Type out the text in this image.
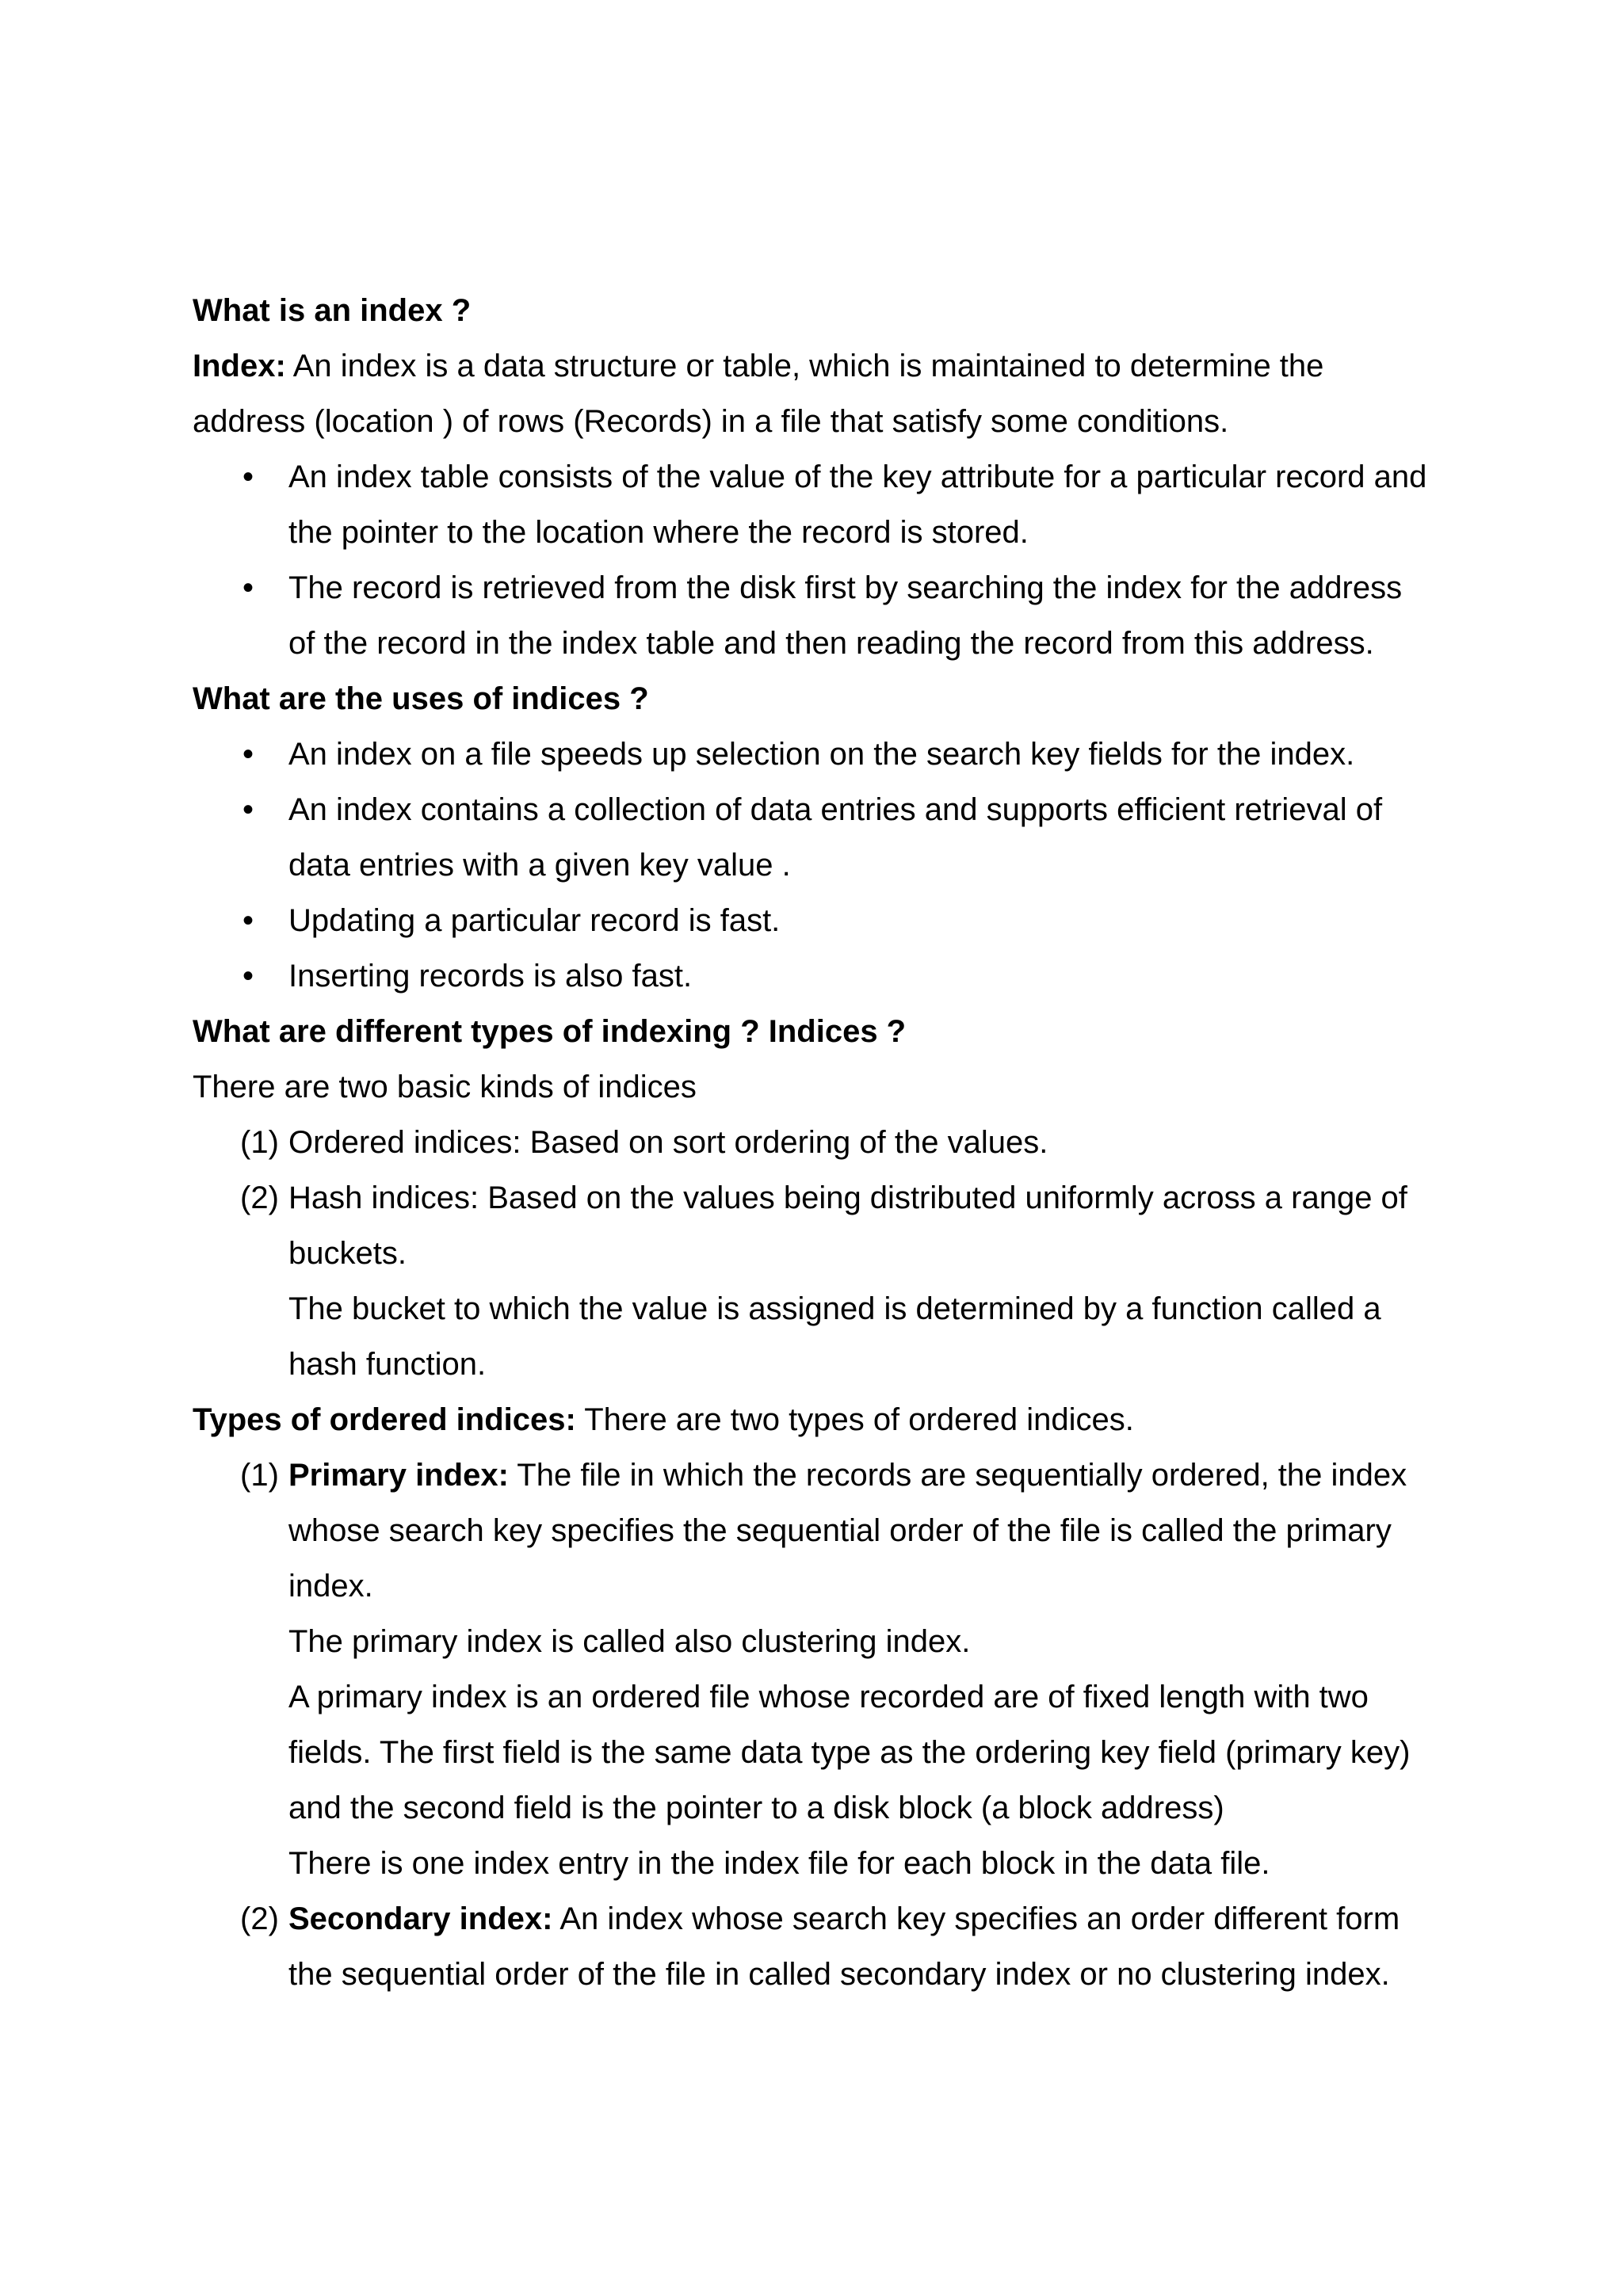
What is an index ?
Index: An index is a data structure or table, which is maintained to determine the
address (location ) of rows (Records) in a file that satisfy some conditions.
• An index table consists of the value of the key attribute for a particular record and
the pointer to the location where the record is stored.
• The record is retrieved from the disk first by searching the index for the address
of the record in the index table and then reading the record from this address.
What are the uses of indices ?
• An index on a file speeds up selection on the search key fields for the index.
• An index contains a collection of data entries and supports efficient retrieval of
data entries with a given key value .
• Updating a particular record is fast.
• Inserting records is also fast.
What are different types of indexing ? Indices ?
There are two basic kinds of indices
(1) Ordered indices: Based on sort ordering of the values.
(2) Hash indices: Based on the values being distributed uniformly across a range of
buckets.
The bucket to which the value is assigned is determined by a function called a
hash function.
Types of ordered indices: There are two types of ordered indices.
(1) Primary index: The file in which the records are sequentially ordered, the index
whose search key specifies the sequential order of the file is called the primary
index.
The primary index is called also clustering index.
A primary index is an ordered file whose recorded are of fixed length with two
fields. The first field is the same data type as the ordering key field (primary key)
and the second field is the pointer to a disk block (a block address)
There is one index entry in the index file for each block in the data file.
(2) Secondary index: An index whose search key specifies an order different form
the sequential order of the file in called secondary index or no clustering index.
